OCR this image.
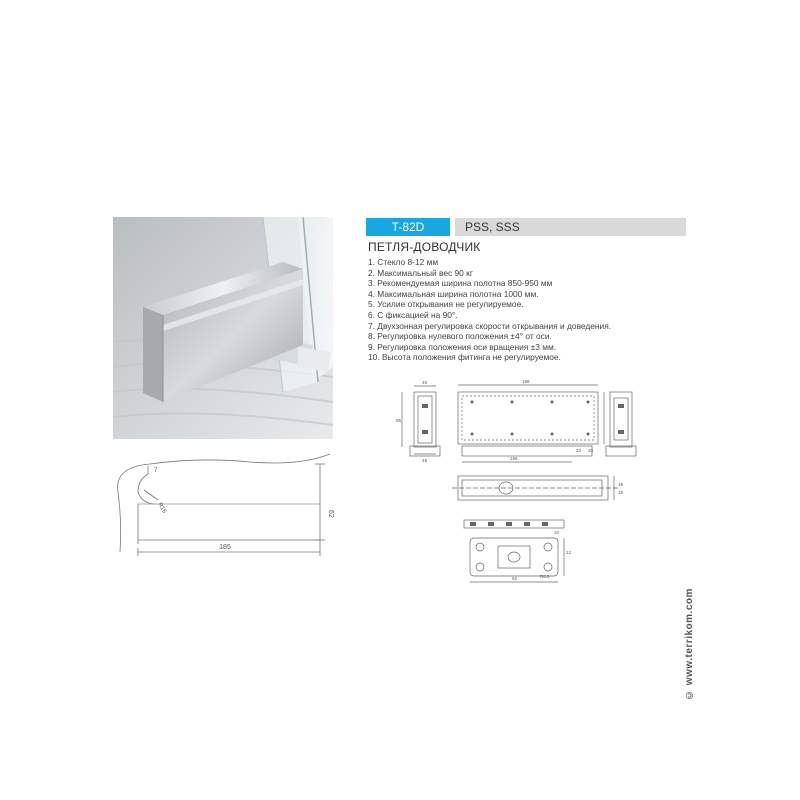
T-82D	PSS, SSS
ПЕТЛЯ-ДОВОДЧИК
1. Стекло 8-12 мм
2. Максимальный вес 90 кг
3. Рекомендуемая ширина полотна 850-950 мм
4. Максимальная ширина полотна 1000 мм.
5. Усилие открывания не регулируемое.
6. С фиксацией на 90°.
7. Двухзонная регулировка скорости открывания и доведения.
8. Регулировка нулевого положения ±4° от оси.
9. Регулировка положения оси вращения ±3 мм.
10. Высота положения фитинга не регулируемое.
185
62
R16
7
48	198
65
48	166
33 33
16
16
62
12
10
R8.5
© www.terrikom.com
